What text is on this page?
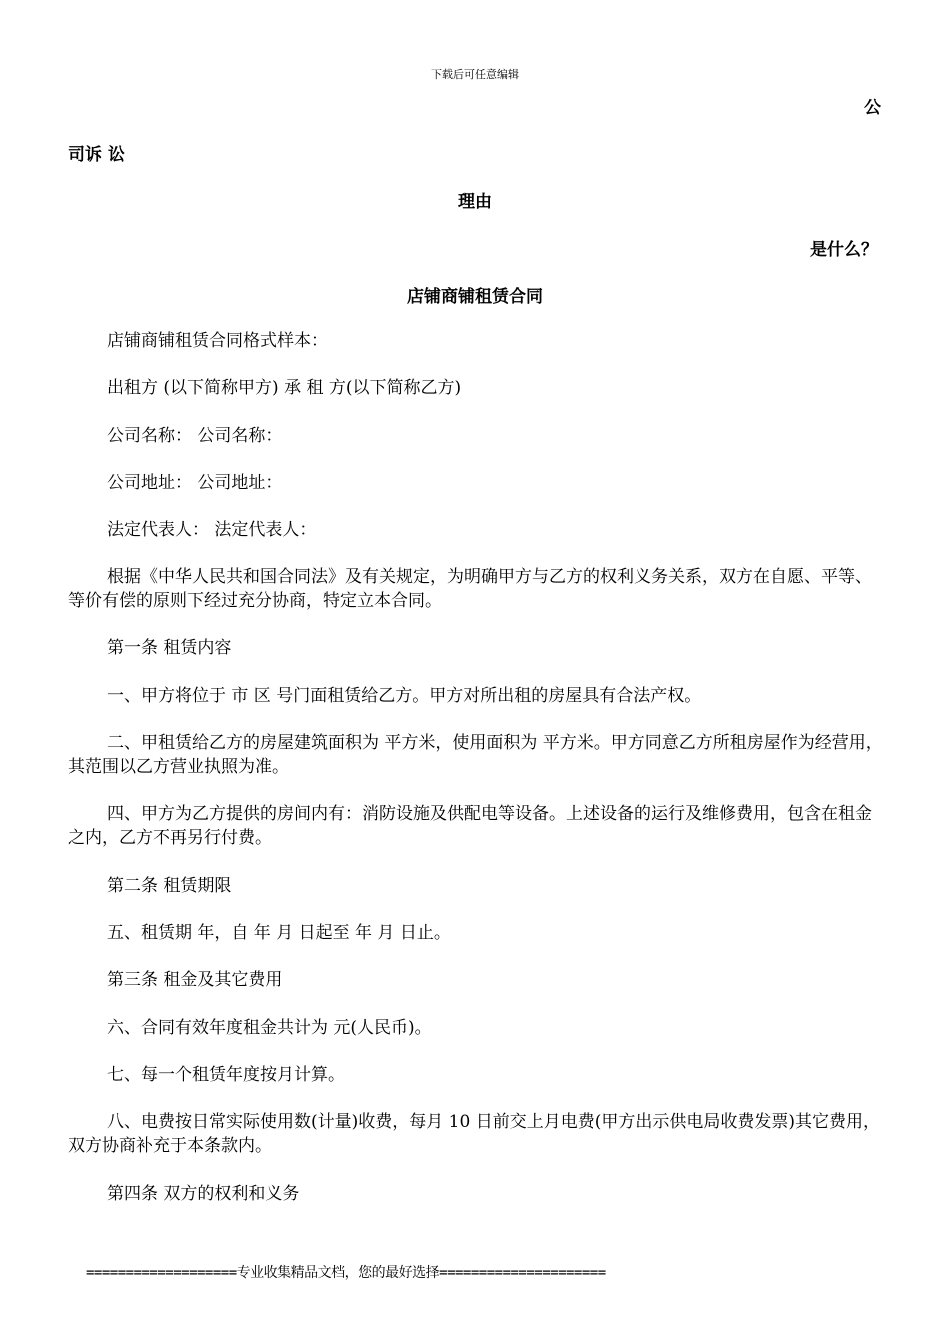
下载后可任意编辑
公
司诉 讼
理由
是什么？
店铺商铺租赁合同
店铺商铺租赁合同格式样本：
出租方 (以下简称甲方) 承 租 方(以下简称乙方)
公司名称： 公司名称：
公司地址： 公司地址：
法定代表人： 法定代表人：
根据《中华人民共和国合同法》及有关规定，为明确甲方与乙方的权利义务关系，双方在自愿、平等、等价有偿的原则下经过充分协商，特定立本合同。
第一条 租赁内容
一、甲方将位于 市 区 号门面租赁给乙方。甲方对所出租的房屋具有合法产权。
二、甲租赁给乙方的房屋建筑面积为 平方米，使用面积为 平方米。甲方同意乙方所租房屋作为经营用，其范围以乙方营业执照为准。
四、甲方为乙方提供的房间内有：消防设施及供配电等设备。上述设备的运行及维修费用，包含在租金之内，乙方不再另行付费。
第二条 租赁期限
五、租赁期 年，自 年 月 日起至 年 月 日止。
第三条 租金及其它费用
六、合同有效年度租金共计为 元(人民币)。
七、每一个租赁年度按月计算。
八、电费按日常实际使用数(计量)收费，每月 10 日前交上月电费(甲方出示供电局收费发票)其它费用，双方协商补充于本条款内。
第四条 双方的权利和义务
===================专业收集精品文档，您的最好选择=====================
